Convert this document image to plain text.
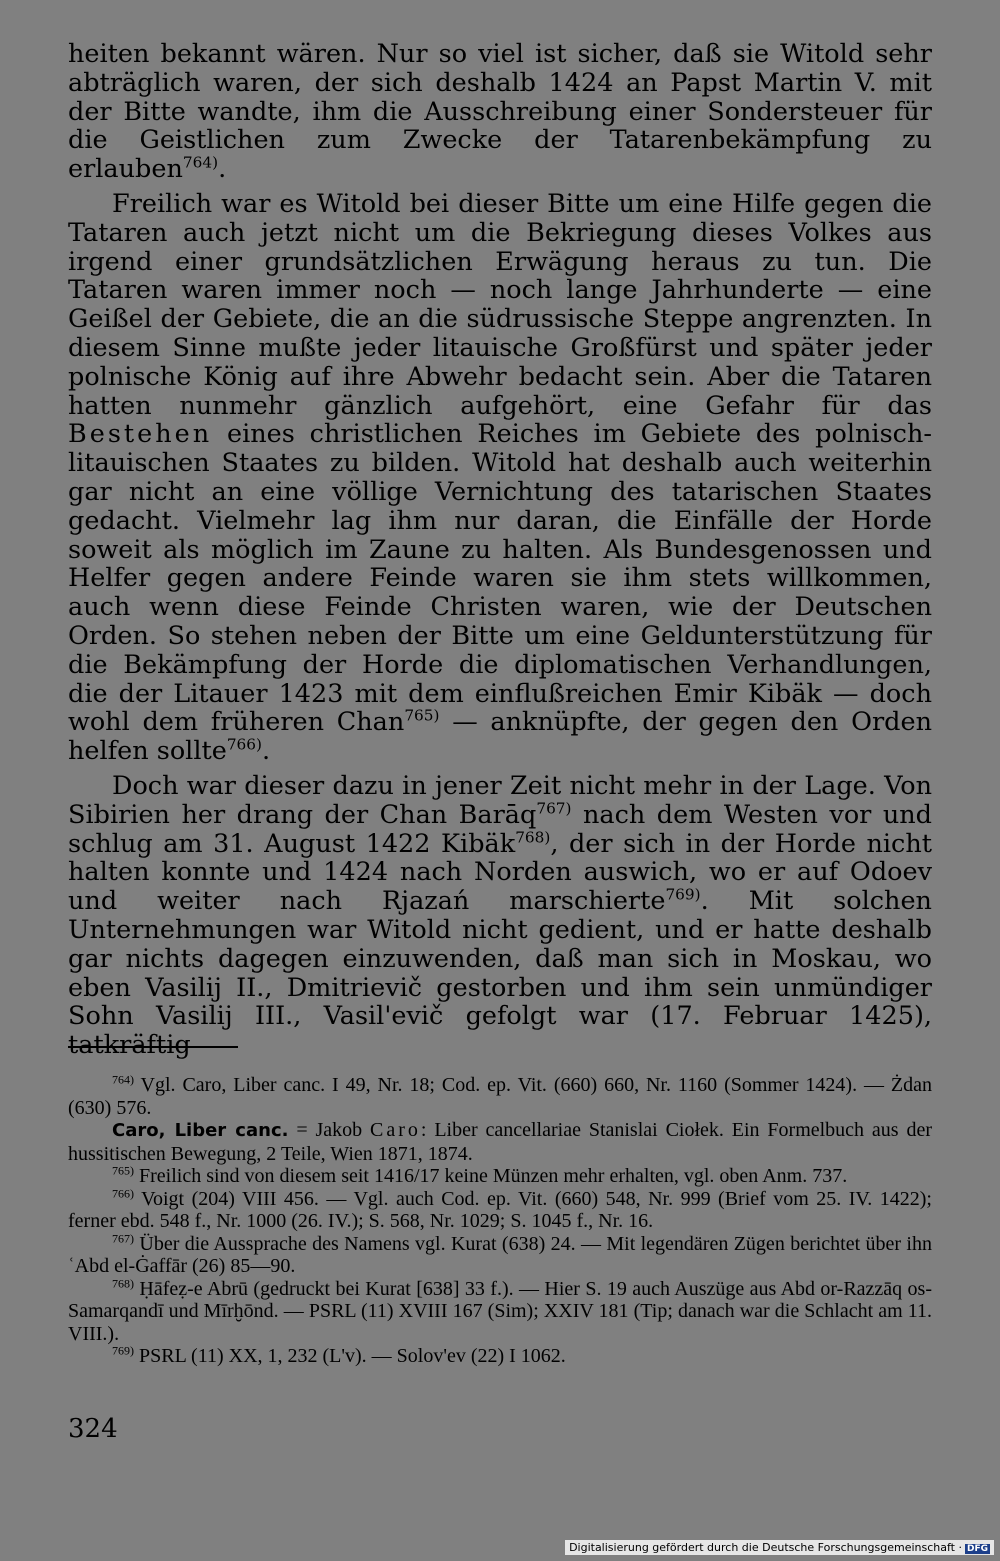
heiten bekannt wären. Nur so viel ist sicher, daß sie Witold sehr abträglich waren, der sich deshalb 1424 an Papst Martin V. mit der Bitte wandte, ihm die Ausschreibung einer Sondersteuer für die Geistlichen zum Zwecke der Tatarenbekämpfung zu erlauben$^{764)}$.

Freilich war es Witold bei dieser Bitte um eine Hilfe gegen die Tataren auch jetzt nicht um die Bekriegung dieses Volkes aus irgend einer grundsätzlichen Erwägung heraus zu tun. Die Tataren waren immer noch — noch lange Jahrhunderte — eine Geißel der Gebiete, die an die südrussische Steppe angrenzten. In diesem Sinne mußte jeder litauische Großfürst und später jeder polnische König auf ihre Abwehr bedacht sein. Aber die Tataren hatten nunmehr gänzlich aufgehört, eine Gefahr für das Bestehen eines christlichen Reiches im Gebiete des polnisch-litauischen Staates zu bilden. Witold hat deshalb auch weiterhin gar nicht an eine völlige Vernichtung des tatarischen Staates gedacht. Vielmehr lag ihm nur daran, die Einfälle der Horde soweit als möglich im Zaune zu halten. Als Bundesgenossen und Helfer gegen andere Feinde waren sie ihm stets willkommen, auch wenn diese Feinde Christen waren, wie der Deutschen Orden. So stehen neben der Bitte um eine Geldunterstützung für die Bekämpfung der Horde die diplomatischen Verhandlungen, die der Litauer 1423 mit dem einflußreichen Emir Kibäk — doch wohl dem früheren Chan$^{765)}$ — anknüpfte, der gegen den Orden helfen sollte$^{766)}$.

Doch war dieser dazu in jener Zeit nicht mehr in der Lage. Von Sibirien her drang der Chan Barāq$^{767)}$ nach dem Westen vor und schlug am 31. August 1422 Kibäk$^{768)}$, der sich in der Horde nicht halten konnte und 1424 nach Norden auswich, wo er auf Odoev und weiter nach Rjazań marschierte$^{769)}$. Mit solchen Unternehmungen war Witold nicht gedient, und er hatte deshalb gar nichts dagegen einzuwenden, daß man sich in Moskau, wo eben Vasilij II., Dmitrievič gestorben und ihm sein unmündiger Sohn Vasilij III., Vasil'evič gefolgt war (17. Februar 1425), tatkräftig

$^{764)}$ Vgl. Caro, Liber canc. I 49, Nr. 18; Cod. ep. Vit. (660) 660, Nr. 1160 (Sommer 1424). — Żdan (630) 576.

Caro, Liber canc. = Jakob Caro: Liber cancellariae Stanislai Ciołek. Ein Formelbuch aus der hussitischen Bewegung, 2 Teile, Wien 1871, 1874.

$^{765)}$ Freilich sind von diesem seit 1416/17 keine Münzen mehr erhalten, vgl. oben Anm. 737.

$^{766)}$ Voigt (204) VIII 456. — Vgl. auch Cod. ep. Vit. (660) 548, Nr. 999 (Brief vom 25. IV. 1422); ferner ebd. 548 f., Nr. 1000 (26. IV.); S. 568, Nr. 1029; S. 1045 f., Nr. 16.

$^{767)}$ Über die Aussprache des Namens vgl. Kurat (638) 24. — Mit legendären Zügen berichtet über ihn ʿAbd el-Ġaffār (26) 85—90.

$^{768)}$ Ḥāfeẓ-e Abrū (gedruckt bei Kurat [638] 33 f.). — Hier S. 19 auch Auszüge aus Abd or-Razzāq os-Samarqandī und Mīrḫōnd. — PSRL (11) XVIII 167 (Sim); XXIV 181 (Tip; danach war die Schlacht am 11. VIII.).

$^{769)}$ PSRL (11) XX, 1, 232 (L'v). — Solov'ev (22) I 1062.

324
Digitalisierung gefördert durch die Deutsche Forschungsgemeinschaft · DFG
